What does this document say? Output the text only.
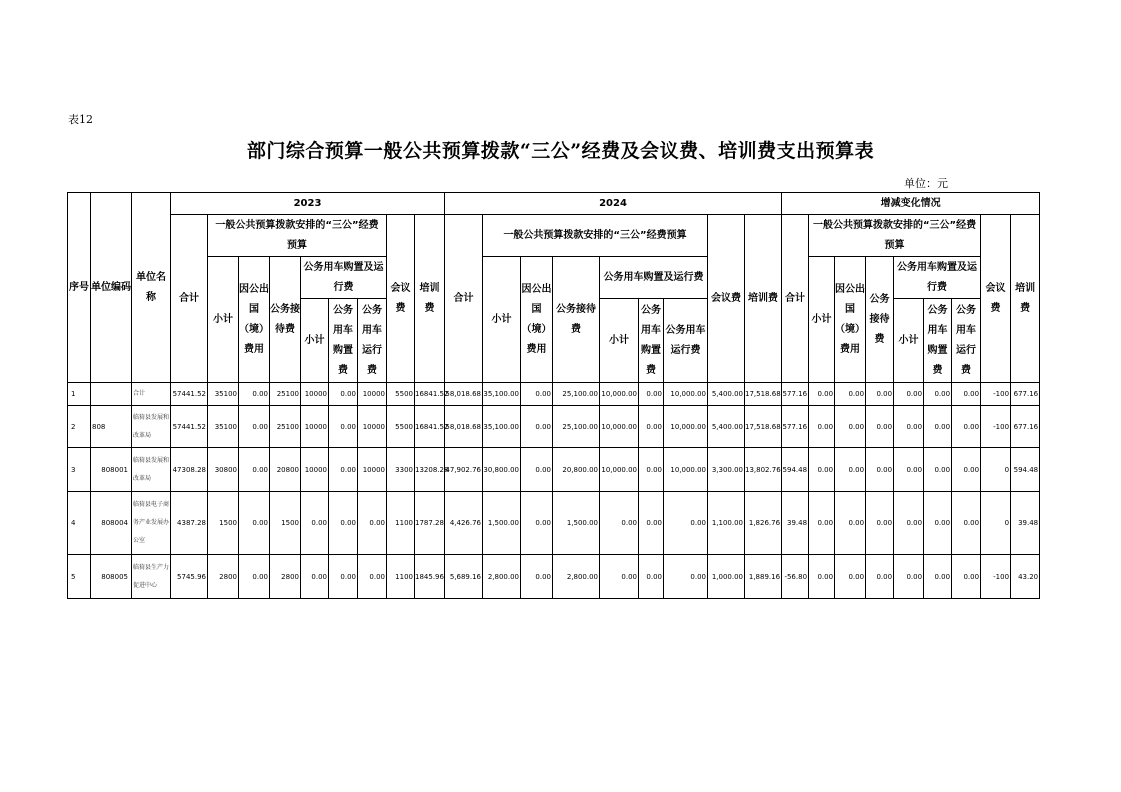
表12
部门综合预算一般公共预算拨款“三公”经费及会议费、培训费支出预算表
单位：元
序号	单位编码	单位名称	2023									2024									增减变化情况								
			合计	一般公共预算拨款安排的“三公”经费
预算						会议费	培训费	合计	一般公共预算拨款安排的“三公”经费预算						会议费	培训费	合计	一般公共预算拨款安排的“三公”经费
预算						会议费	培训费
				小计	因公出国（境）费用	公务接待费	公务用车购置及运行费						小计	因公出国（境）费用	公务接待费	公务用车购置及运行费						小计	因公出国（境）费用	公务接待费	公务用车购置及运行费				
							小计	公务用车购置费	公务用车运行费							小计	公务用车购置费	公务用车运行费							小计	公务用车购置费	公务用车运行费		

1		合计	57441.52	35100	0.00	25100	10000	0.00	10000	5500	16841.52	58,018.68	35,100.00	0.00	25,100.00	10,000.00	0.00	10,000.00	5,400.00	17,518.68	577.16	0.00	0.00	0.00	0.00	0.00	0.00	-100	677.16
2	808	临猗县发展和改革局	57441.52	35100	0.00	25100	10000	0.00	10000	5500	16841.52	58,018.68	35,100.00	0.00	25,100.00	10,000.00	0.00	10,000.00	5,400.00	17,518.68	577.16	0.00	0.00	0.00	0.00	0.00	0.00	-100	677.16
3	808001	临猗县发展和改革局	47308.28	30800	0.00	20800	10000	0.00	10000	3300	13208.28	47,902.76	30,800.00	0.00	20,800.00	10,000.00	0.00	10,000.00	3,300.00	13,802.76	594.48	0.00	0.00	0.00	0.00	0.00	0.00	0	594.48
4	808004	临猗县电子商务产业发展办公室	4387.28	1500	0.00	1500	0.00	0.00	0.00	1100	1787.28	4,426.76	1,500.00	0.00	1,500.00	0.00	0.00	0.00	1,100.00	1,826.76	39.48	0.00	0.00	0.00	0.00	0.00	0.00	0	39.48
5	808005	临猗县生产力促进中心	5745.96	2800	0.00	2800	0.00	0.00	0.00	1100	1845.96	5,689.16	2,800.00	0.00	2,800.00	0.00	0.00	0.00	1,000.00	1,889.16	-56.80	0.00	0.00	0.00	0.00	0.00	0.00	-100	43.20
